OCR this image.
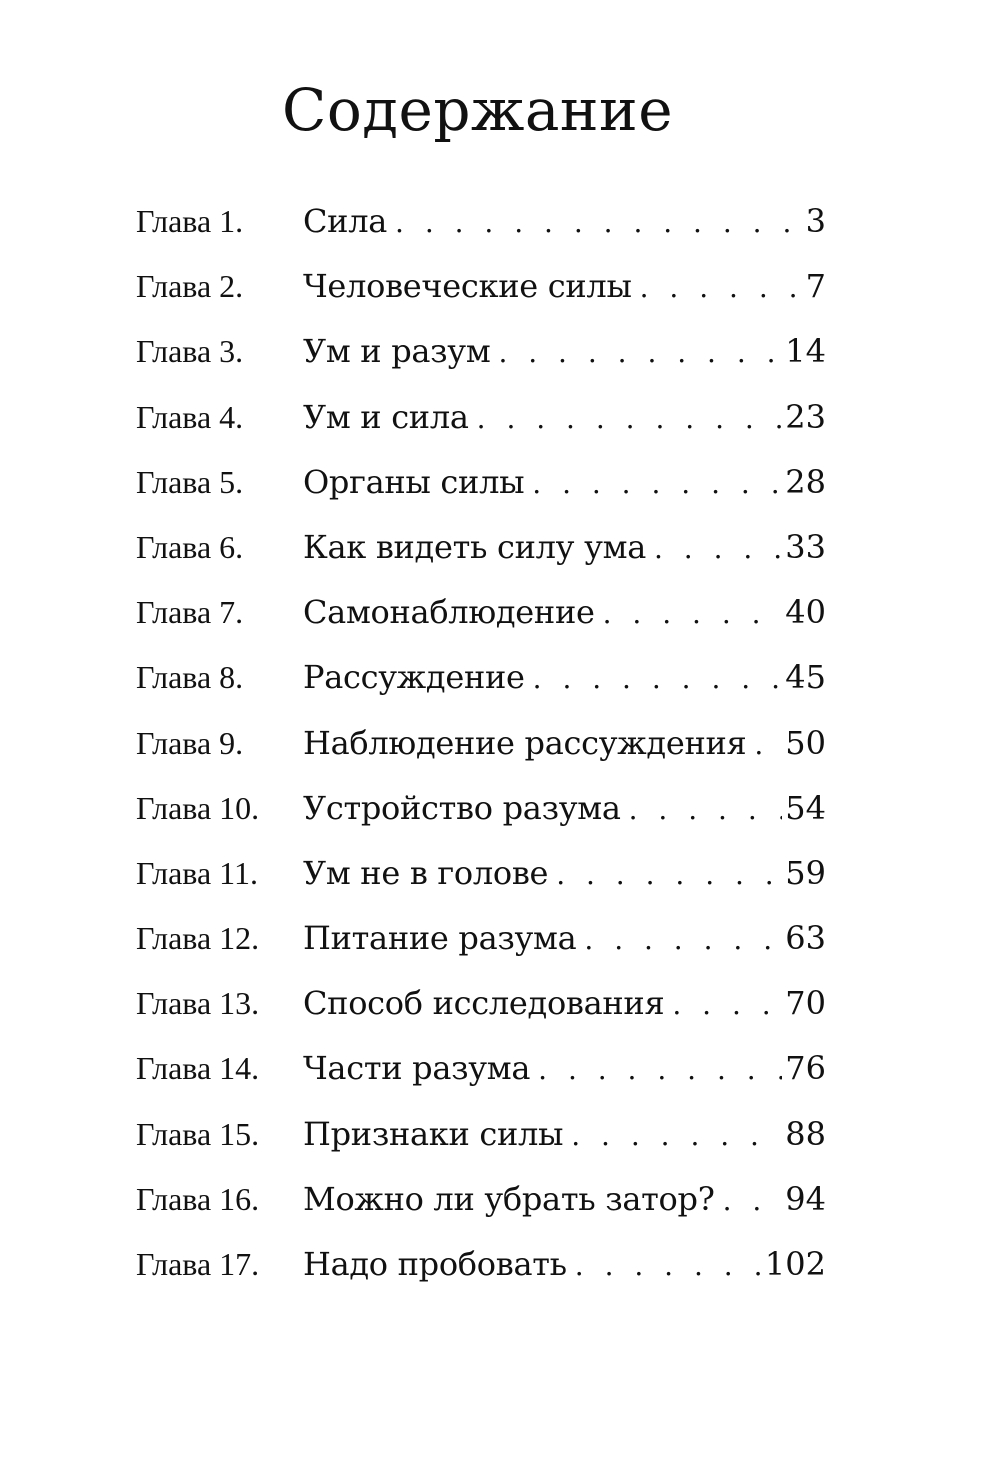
Содержание
Глава 1.	Сила . . .	3
Глава 2.	Человеческие силы . . .	7
Глава 3.	Ум и разум . . .	14
Глава 4.	Ум и сила . . .	23
Глава 5.	Органы силы . . .	28
Глава 6.	Как видеть силу ума . . .	33
Глава 7.	Самонаблюдение . . .	40
Глава 8.	Рассуждение . . .	45
Глава 9.	Наблюдение рассуждения . . . 50
Глава 10.	Устройство разума . . .	54
Глава 11.	Ум не в голове . . .	59
Глава 12.	Питание разума . . .	63
Глава 13.	Способ исследования . . .	70
Глава 14.	Части разума . . .	76
Глава 15.	Признаки силы . . .	88
Глава 16.	Можно ли убрать затор? . . . 94
Глава 17.	Надо пробовать . . .	102
